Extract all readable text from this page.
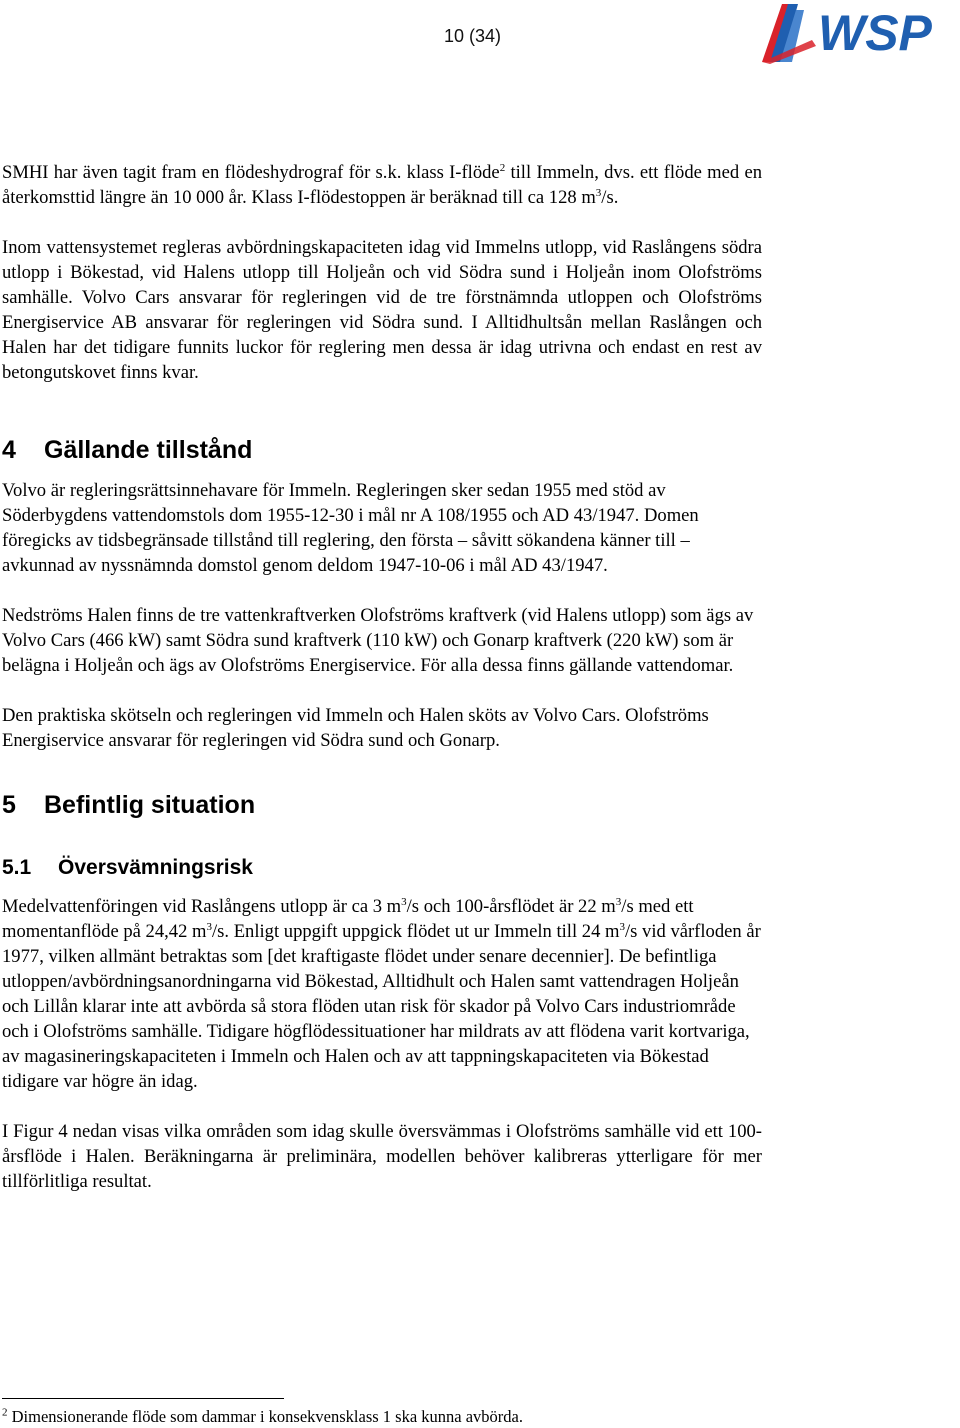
10 (34)	WSP

SMHI har även tagit fram en flödeshydrograf för s.k. klass I-flöde$^2$ till Immeln, dvs. ett flöde med en återkomsttid längre än 10 000 år. Klass I-flödestoppen är beräknad till ca 128 $m^3/s$.

Inom vattensystemet regleras avbördningskapaciteten idag vid Immelns utlopp, vid Raslångens södra utlopp i Bökestad, vid Halens utlopp till Holjeån och vid Södra sund i Holjeån inom Olofströms samhälle. Volvo Cars ansvarar för regleringen vid de tre förstnämnda utloppen och Olofströms Energiservice AB ansvarar för regleringen vid Södra sund. I Alltidhultsån mellan Raslången och Halen har det tidigare funnits luckor för reglering men dessa är idag utrivna och endast en rest av betongutskovet finns kvar.

4 Gällande tillstånd

Volvo är regleringsrättsinnehavare för Immeln. Regleringen sker sedan 1955 med stöd av Söderbygdens vattendomstols dom 1955-12-30 i mål nr A 108/1955 och AD 43/1947. Domen föregicks av tidsbegränsade tillstånd till reglering, den första – såvitt sökandena känner till – avkunnad av nyssnämnda domstol genom deldom 1947-10-06 i mål AD 43/1947.

Nedströms Halen finns de tre vattenkraftverken Olofströms kraftverk (vid Halens utlopp) som ägs av Volvo Cars (466 kW) samt Södra sund kraftverk (110 kW) och Gonarp kraftverk (220 kW) som är belägna i Holjeån och ägs av Olofströms Energiservice. För alla dessa finns gällande vattendomar.

Den praktiska skötseln och regleringen vid Immeln och Halen sköts av Volvo Cars. Olofströms Energiservice ansvarar för regleringen vid Södra sund och Gonarp.

5 Befintlig situation
5.1 Översvämningsrisk

Medelvattenföringen vid Raslångens utlopp är ca 3 $m^3/s$ och 100-årsflödet är 22 $m^3/s$ med ett momentanflöde på 24,42 $m^3/s$. Enligt uppgift uppgick flödet ut ur Immeln till 24 $m^3/s$ vid vårfloden år 1977, vilken allmänt betraktas som [det kraftigaste flödet under senare decennier]. De befintliga utloppen/avbördningsanordningarna vid Bökestad, Alltidhult och Halen samt vattendragen Holjeån och Lillån klarar inte att avbörda så stora flöden utan risk för skador på Volvo Cars industriområde och i Olofströms samhälle. Tidigare högflödessituationer har mildrats av att flödena varit kortvariga, av magasineringskapaciteten i Immeln och Halen och av att tappningskapaciteten via Bökestad tidigare var högre än idag.

I Figur 4 nedan visas vilka områden som idag skulle översvämmas i Olofströms samhälle vid ett 100-årsflöde i Halen. Beräkningarna är preliminära, modellen behöver kalibreras ytterligare för mer tillförlitliga resultat.

$^2$ Dimensionerande flöde som dammar i konsekvensklass 1 ska kunna avbörda.
